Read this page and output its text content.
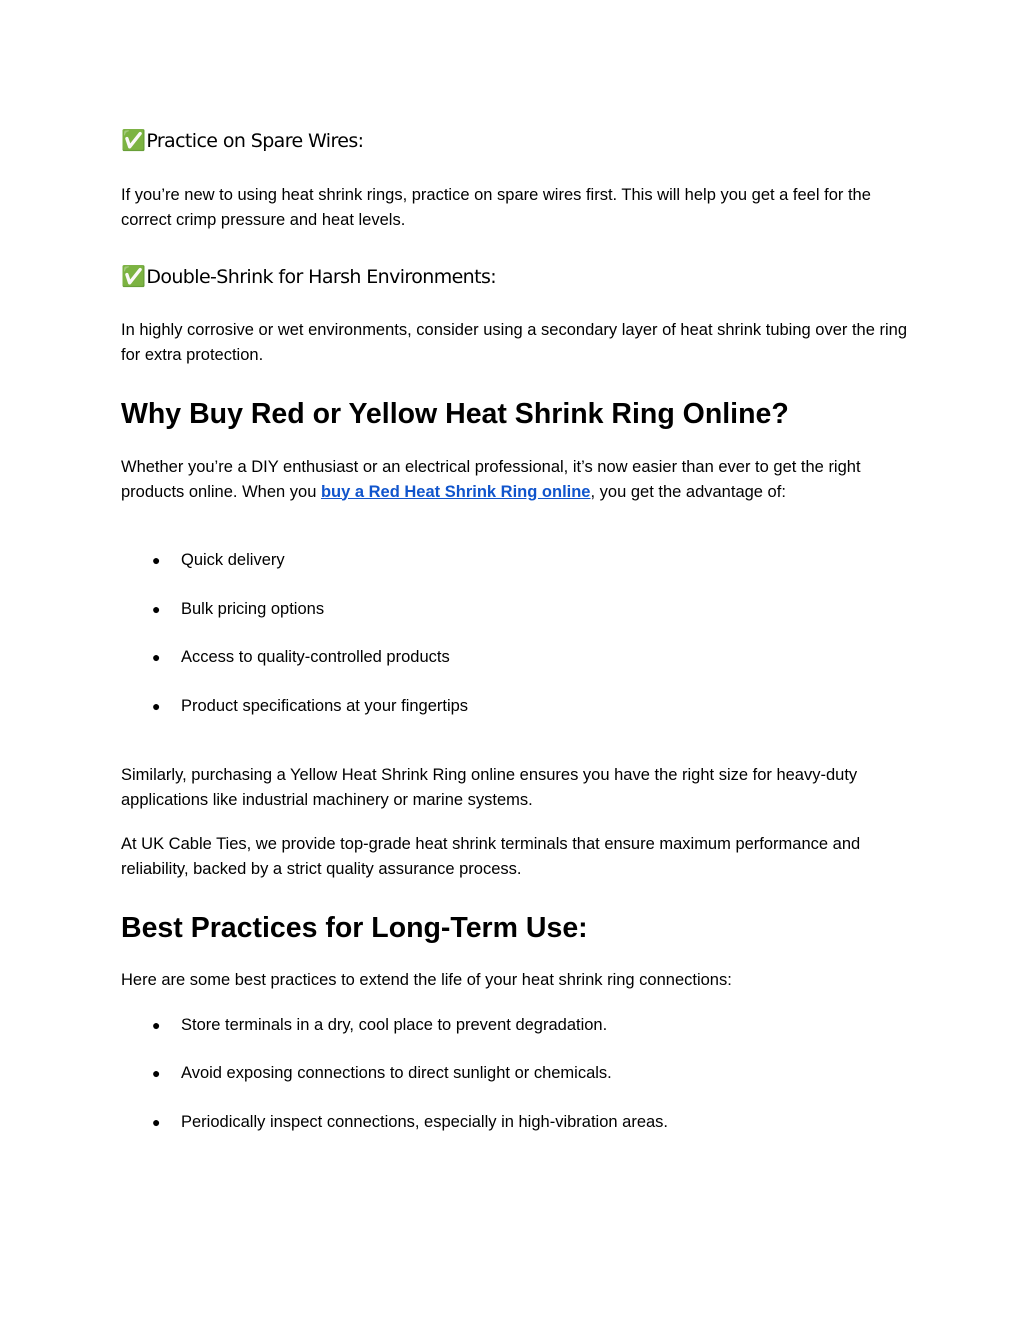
✅Practice on Spare Wires:

If you’re new to using heat shrink rings, practice on spare wires first. This will help you get a feel for the correct crimp pressure and heat levels.

✅Double-Shrink for Harsh Environments:

In highly corrosive or wet environments, consider using a secondary layer of heat shrink tubing over the ring for extra protection.

Why Buy Red or Yellow Heat Shrink Ring Online?

Whether you’re a DIY enthusiast or an electrical professional, it’s now easier than ever to get the right products online. When you buy a Red Heat Shrink Ring online, you get the advantage of:

● Quick delivery
● Bulk pricing options
● Access to quality-controlled products
● Product specifications at your fingertips

Similarly, purchasing a Yellow Heat Shrink Ring online ensures you have the right size for heavy-duty applications like industrial machinery or marine systems.

At UK Cable Ties, we provide top-grade heat shrink terminals that ensure maximum performance and reliability, backed by a strict quality assurance process.

Best Practices for Long-Term Use:

Here are some best practices to extend the life of your heat shrink ring connections:

● Store terminals in a dry, cool place to prevent degradation.
● Avoid exposing connections to direct sunlight or chemicals.
● Periodically inspect connections, especially in high-vibration areas.
